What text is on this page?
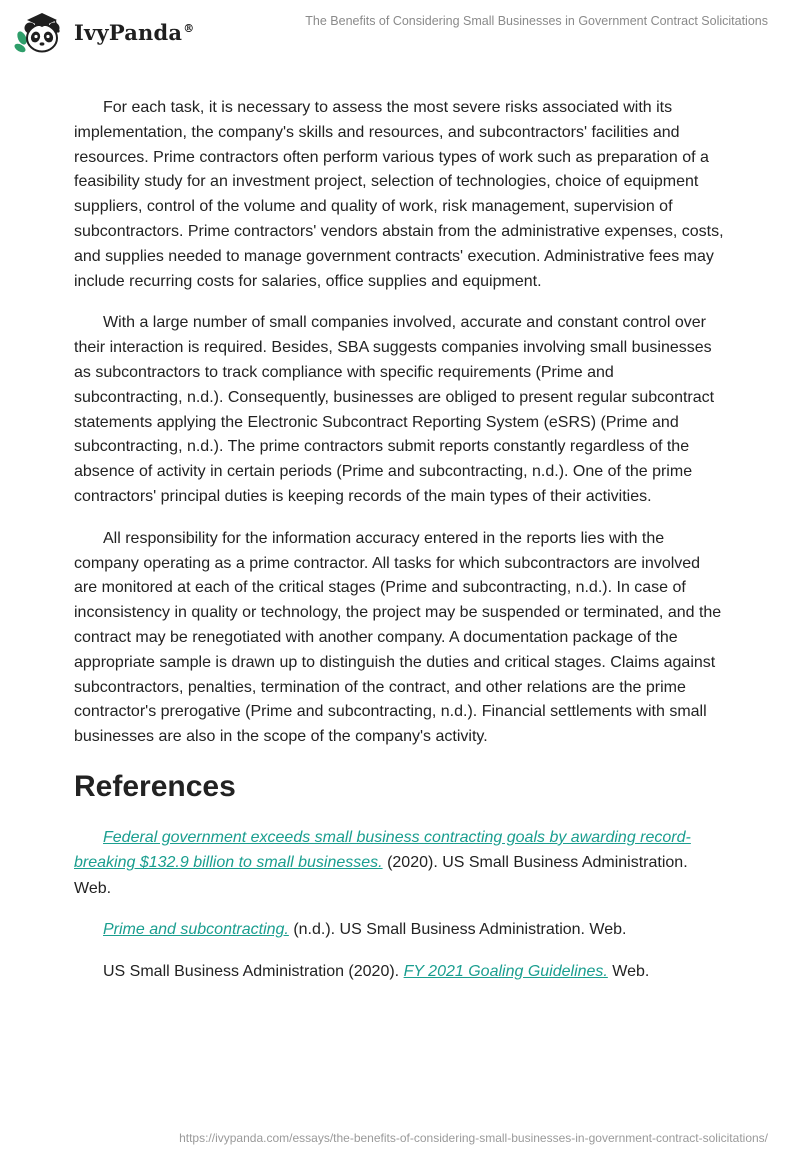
IvyPanda®	The Benefits of Considering Small Businesses in Government Contract Solicitations

For each task, it is necessary to assess the most severe risks associated with its implementation, the company's skills and resources, and subcontractors' facilities and resources. Prime contractors often perform various types of work such as preparation of a feasibility study for an investment project, selection of technologies, choice of equipment suppliers, control of the volume and quality of work, risk management, supervision of subcontractors. Prime contractors' vendors abstain from the administrative expenses, costs, and supplies needed to manage government contracts' execution. Administrative fees may include recurring costs for salaries, office supplies and equipment.

With a large number of small companies involved, accurate and constant control over their interaction is required. Besides, SBA suggests companies involving small businesses as subcontractors to track compliance with specific requirements (Prime and subcontracting, n.d.). Consequently, businesses are obliged to present regular subcontract statements applying the Electronic Subcontract Reporting System (eSRS) (Prime and subcontracting, n.d.). The prime contractors submit reports constantly regardless of the absence of activity in certain periods (Prime and subcontracting, n.d.). One of the prime contractors' principal duties is keeping records of the main types of their activities.

All responsibility for the information accuracy entered in the reports lies with the company operating as a prime contractor. All tasks for which subcontractors are involved are monitored at each of the critical stages (Prime and subcontracting, n.d.). In case of inconsistency in quality or technology, the project may be suspended or terminated, and the contract may be renegotiated with another company. A documentation package of the appropriate sample is drawn up to distinguish the duties and critical stages. Claims against subcontractors, penalties, termination of the contract, and other relations are the prime contractor's prerogative (Prime and subcontracting, n.d.). Financial settlements with small businesses are also in the scope of the company's activity.

References

Federal government exceeds small business contracting goals by awarding record-breaking $132.9 billion to small businesses. (2020). US Small Business Administration. Web.

Prime and subcontracting. (n.d.). US Small Business Administration. Web.

US Small Business Administration (2020). FY 2021 Goaling Guidelines. Web.

https://ivypanda.com/essays/the-benefits-of-considering-small-businesses-in-government-contract-solicitations/
